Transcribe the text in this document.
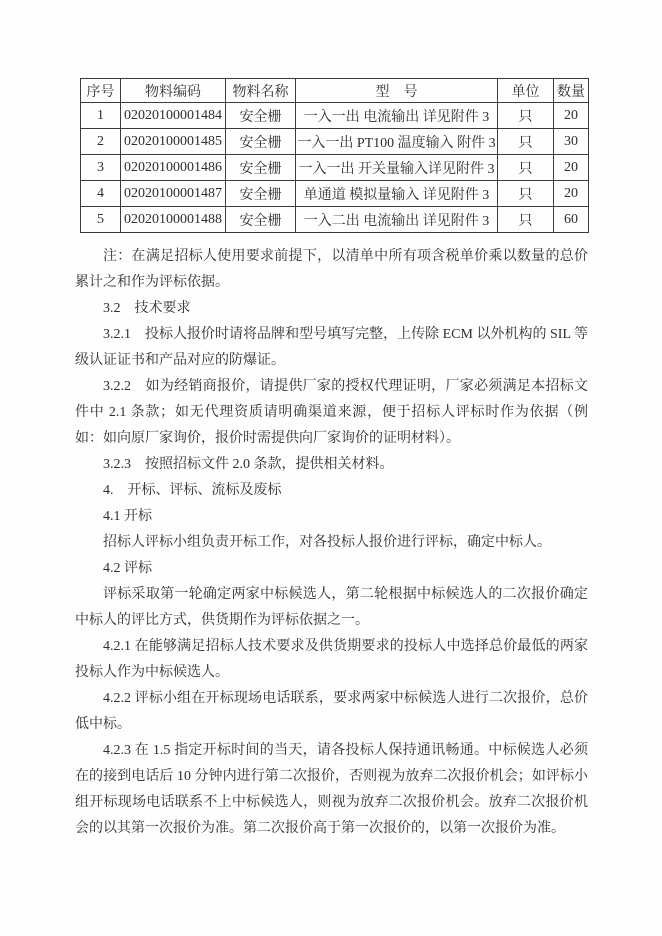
序号	物料编码	物料名称	型　号	单位	数量
1	02020100001484	安全栅	一入一出 电流输出 详见附件 3	只	20
2	02020100001485	安全栅	一入一出 PT100 温度输入 附件 3	只	30
3	02020100001486	安全栅	一入一出 开关量输入详见附件 3	只	20
4	02020100001487	安全栅	单通道 模拟量输入 详见附件 3	只	20
5	02020100001488	安全栅	一入二出 电流输出 详见附件 3	只	60

注：在满足招标人使用要求前提下，以清单中所有项含税单价乘以数量的总价累计之和作为评标依据。

3.2　技术要求

3.2.1　投标人报价时请将品牌和型号填写完整，上传除 ECM 以外机构的 SIL 等级认证证书和产品对应的防爆证。

3.2.2　如为经销商报价，请提供厂家的授权代理证明，厂家必须满足本招标文件中 2.1 条款；如无代理资质请明确渠道来源，便于招标人评标时作为依据（例如：如向原厂家询价，报价时需提供向厂家询价的证明材料）。

3.2.3　按照招标文件 2.0 条款，提供相关材料。

4.　开标、评标、流标及废标

4.1 开标

招标人评标小组负责开标工作，对各投标人报价进行评标，确定中标人。

4.2 评标

评标采取第一轮确定两家中标候选人，第二轮根据中标候选人的二次报价确定中标人的评比方式，供货期作为评标依据之一。

4.2.1 在能够满足招标人技术要求及供货期要求的投标人中选择总价最低的两家投标人作为中标候选人。

4.2.2 评标小组在开标现场电话联系，要求两家中标候选人进行二次报价，总价低中标。

4.2.3 在 1.5 指定开标时间的当天，请各投标人保持通讯畅通。中标候选人必须在的接到电话后 10 分钟内进行第二次报价，否则视为放弃二次报价机会；如评标小组开标现场电话联系不上中标候选人，则视为放弃二次报价机会。放弃二次报价机会的以其第一次报价为准。第二次报价高于第一次报价的，以第一次报价为准。
